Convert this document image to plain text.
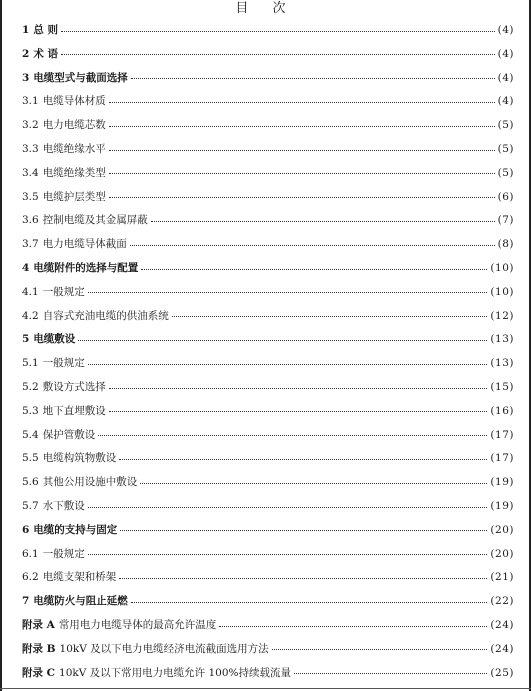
目 次
1 总 则	(4)
2 术 语	(4)
3 电缆型式与截面选择	(4)
3.1 电缆导体材质	(4)
3.2 电力电缆芯数	(5)
3.3 电缆绝缘水平	(5)
3.4 电缆绝缘类型	(5)
3.5 电缆护层类型	(6)
3.6 控制电缆及其金属屏蔽	(7)
3.7 电力电缆导体截面	(8)
4 电缆附件的选择与配置	(10)
4.1 一般规定	(10)
4.2 自容式充油电缆的供油系统	(12)
5 电缆敷设	(13)
5.1 一般规定	(13)
5.2 敷设方式选择	(15)
5.3 地下直埋敷设	(16)
5.4 保护管敷设	(17)
5.5 电缆构筑物敷设	(17)
5.6 其他公用设施中敷设	(19)
5.7 水下敷设	(19)
6 电缆的支持与固定	(20)
6.1 一般规定	(20)
6.2 电缆支架和桥架	(21)
7 电缆防火与阻止延燃	(22)
附录 A 常用电力电缆导体的最高允许温度	(24)
附录 B 10kV 及以下电力电缆经济电流截面选用方法	(24)
附录 C 10kV 及以下常用电力电缆允许 100%持续载流量	(25)
